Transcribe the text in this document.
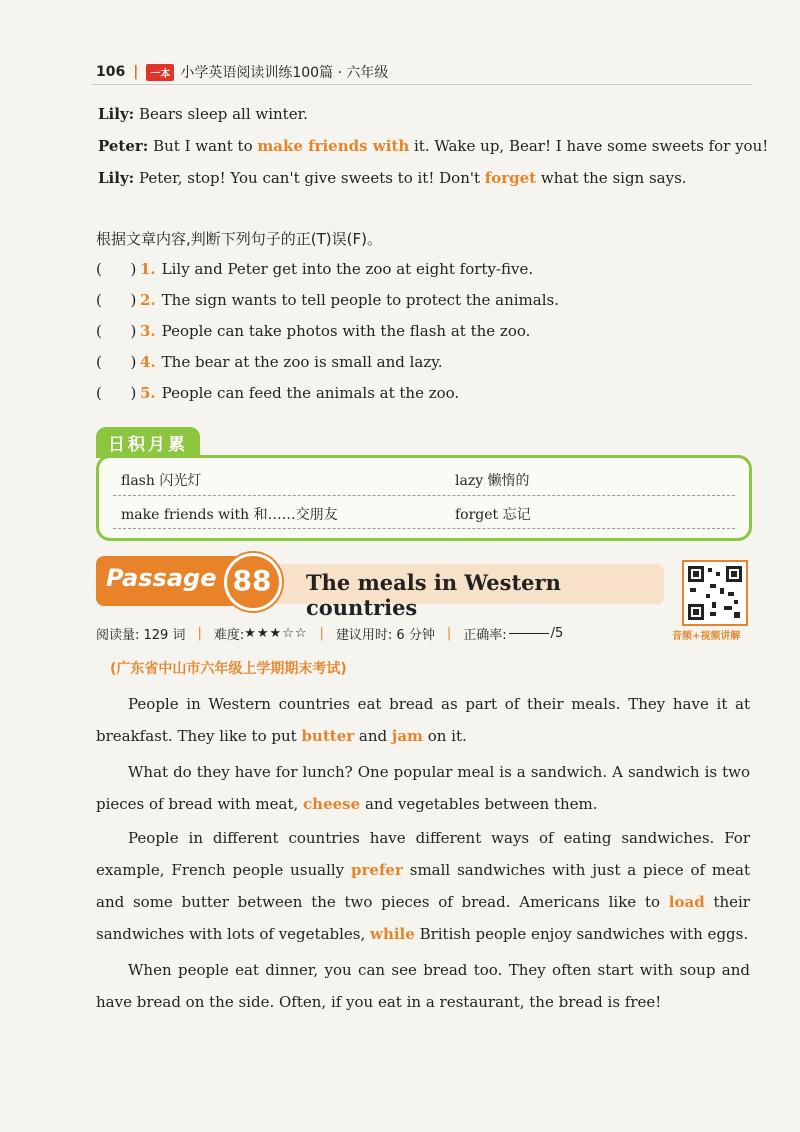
106 |	一本 小学英语阅读训练100篇 · 六年级
Lily: Bears sleep all winter.
Peter: But I want to make friends with it. Wake up, Bear! I have some sweets for you!
Lily: Peter, stop! You can't give sweets to it! Don't forget what the sign says.
根据文章内容,判断下列句子的正(T)误(F)。
(      ) 1. Lily and Peter get into the zoo at eight forty-five.
(      ) 2. The sign wants to tell people to protect the animals.
(      ) 3. People can take photos with the flash at the zoo.
(      ) 4. The bear at the zoo is small and lazy.
(      ) 5. People can feed the animals at the zoo.
日积月累
flash 闪光灯	lazy 懒惰的
make friends with 和……交朋友	forget 忘记
Passage 88 The meals in Western countries
音频+视频讲解
阅读量: 129 词 | 难度: ★★★☆☆ | 建议用时: 6 分钟 | 正确率:	/5
(广东省中山市六年级上学期期末考试)
People in Western countries eat bread as part of their meals. They have it at breakfast. They like to put butter and jam on it.
What do they have for lunch? One popular meal is a sandwich. A sandwich is two pieces of bread with meat, cheese and vegetables between them.
People in different countries have different ways of eating sandwiches. For example, French people usually prefer small sandwiches with just a piece of meat and some butter between the two pieces of bread. Americans like to load their sandwiches with lots of vegetables, while British people enjoy sandwiches with eggs.
When people eat dinner, you can see bread too. They often start with soup and have bread on the side. Often, if you eat in a restaurant, the bread is free!
